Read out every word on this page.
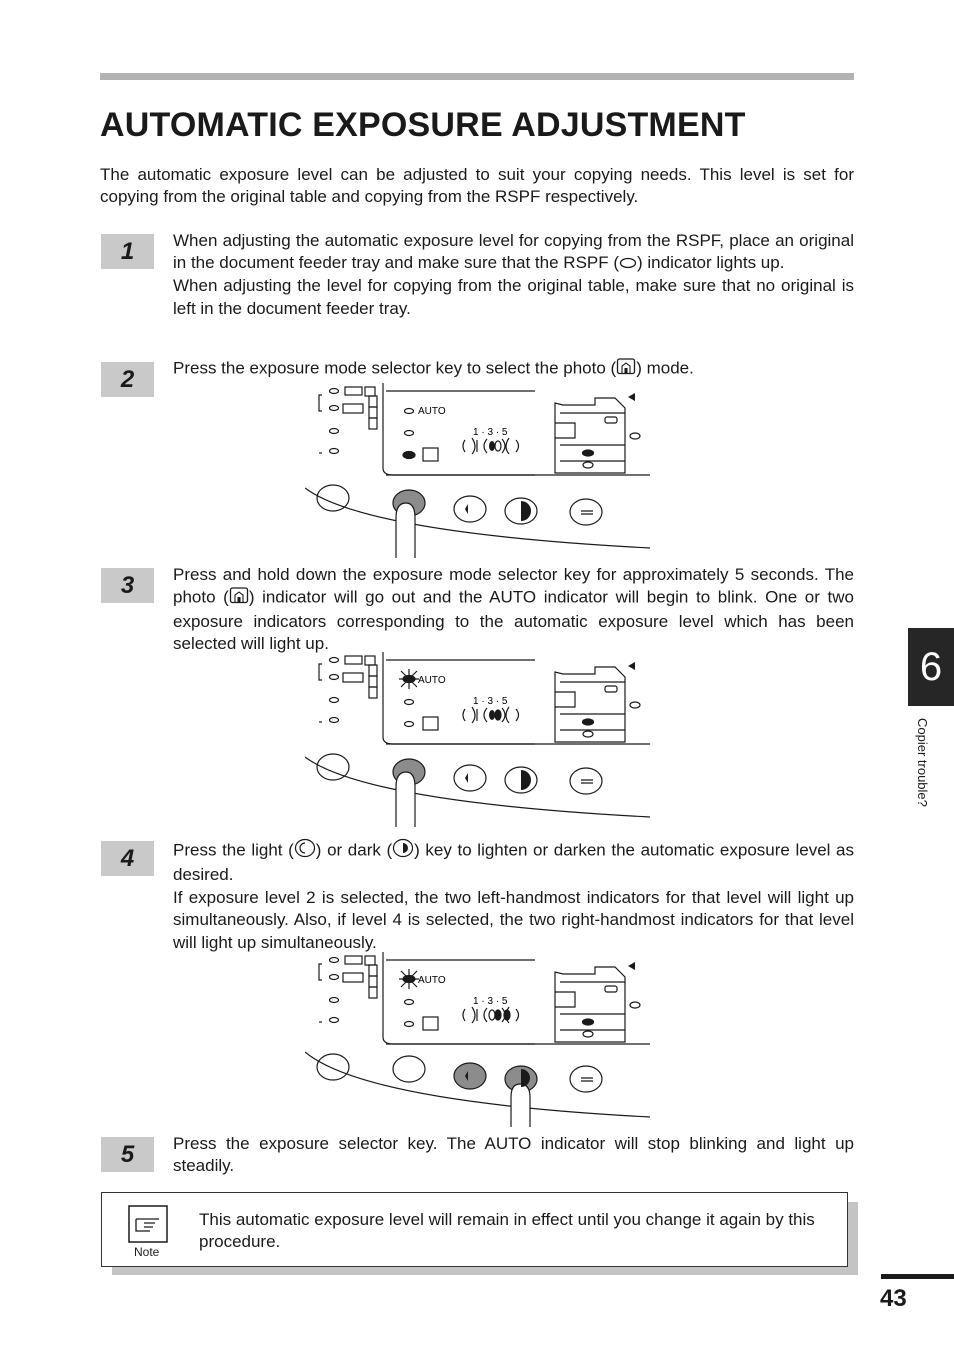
AUTOMATIC EXPOSURE ADJUSTMENT

The automatic exposure level can be adjusted to suit your copying needs. This level is set for copying from the original table and copying from the RSPF respectively.

1	When adjusting the automatic exposure level for copying from the RSPF, place an original in the document feeder tray and make sure that the RSPF ( ) indicator lights up.

When adjusting the level for copying from the original table, make sure that no original is left in the document feeder tray.

2	Press the exposure mode selector key to select the photo ( ) mode.

AUTO
1 · 3 · 5
3	Press and hold down the exposure mode selector key for approximately 5 seconds. The photo ( ) indicator will go out and the AUTO indicator will begin to blink. One or two exposure indicators corresponding to the automatic exposure level which has been selected will light up.

AUTO
1 · 3 · 5
4	Press the light ( ) or dark ( ) key to lighten or darken the automatic exposure level as desired.

If exposure level 2 is selected, the two left-handmost indicators for that level will light up simultaneously. Also, if level 4 is selected, the two right-handmost indicators for that level will light up simultaneously.

AUTO
1 · 3 · 5
5	Press the exposure selector key. The AUTO indicator will stop blinking and light up steadily.

Note

This automatic exposure level will remain in effect until you change it again by this procedure.

6
Copier trouble?
43
